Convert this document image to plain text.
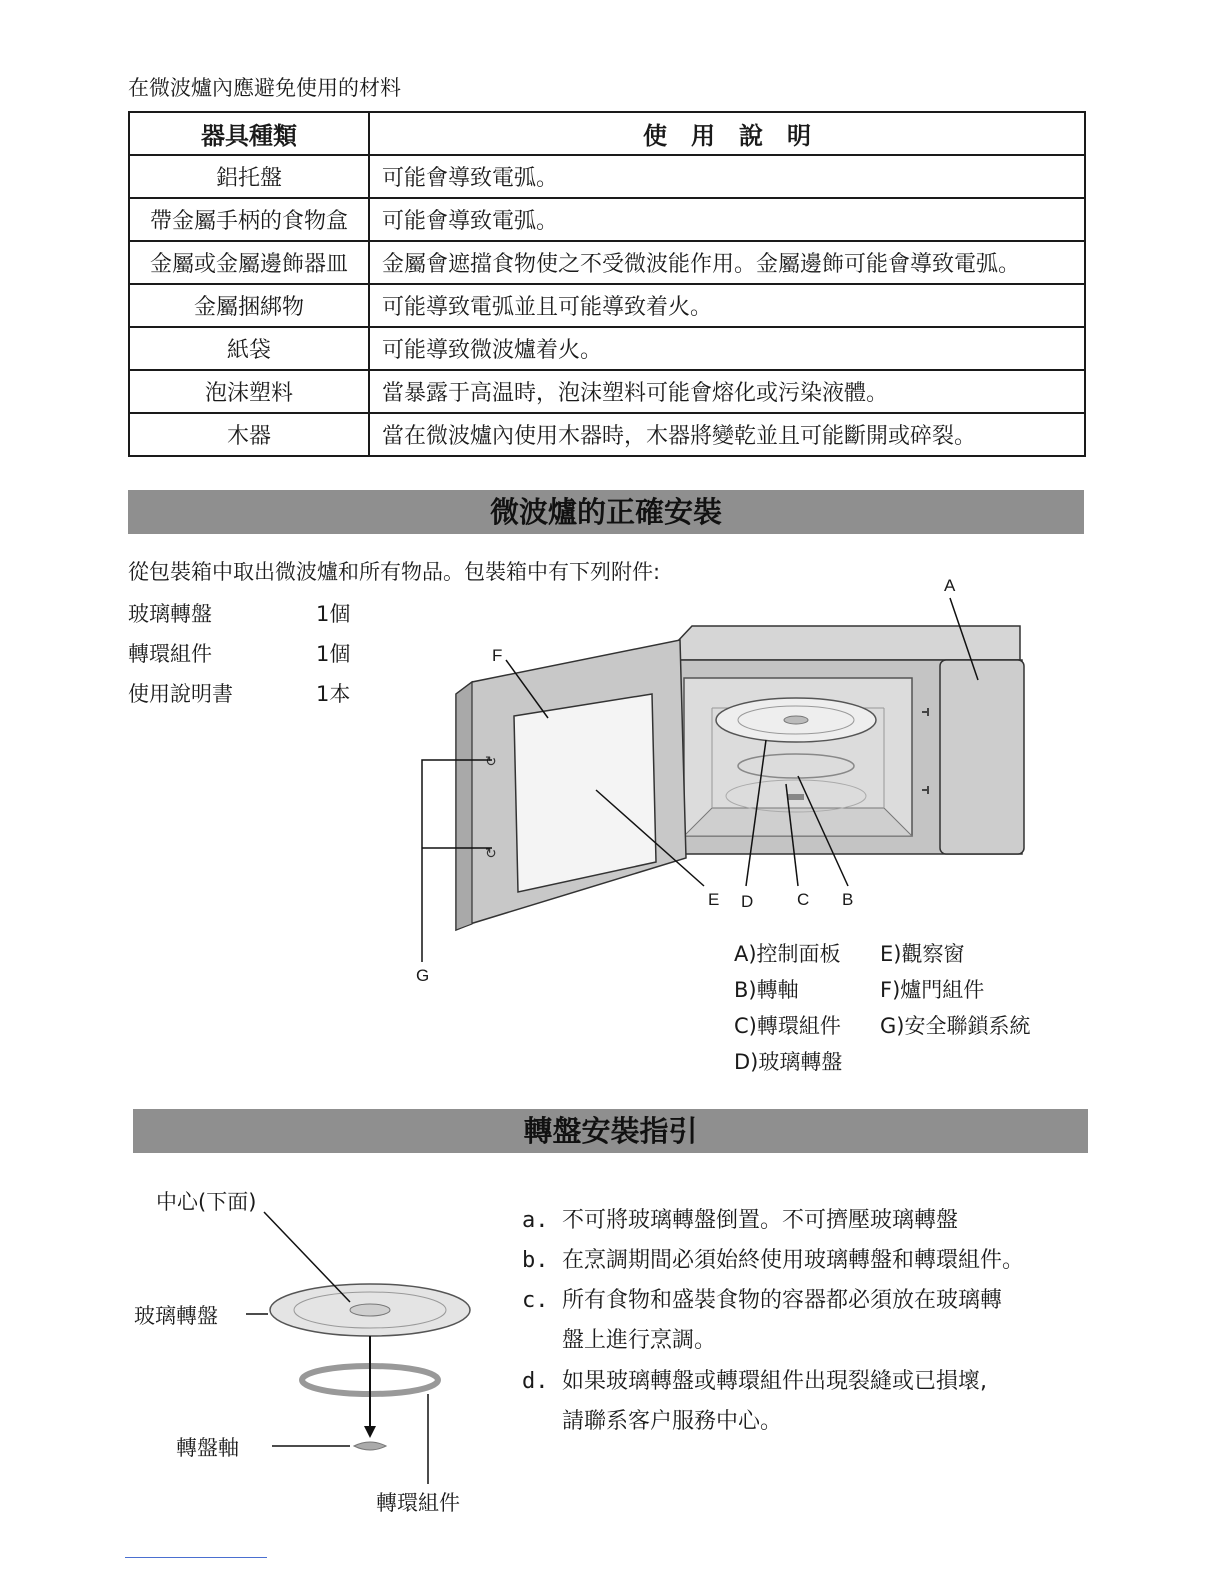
在微波爐內應避免使用的材料
器具種類	使　用　說　明
鋁托盤	可能會導致電弧。
帶金屬手柄的食物盒	可能會導致電弧。
金屬或金屬邊飾器皿	金屬會遮擋食物使之不受微波能作用。金屬邊飾可能會導致電弧。
金屬捆綁物	可能導致電弧並且可能導致着火。
紙袋	可能導致微波爐着火。
泡沫塑料	當暴露于高温時，泡沫塑料可能會熔化或污染液體。
木器	當在微波爐內使用木器時，木器將變乾並且可能斷開或碎裂。
微波爐的正確安裝
從包裝箱中取出微波爐和所有物品。包裝箱中有下列附件:
玻璃轉盤	1個
轉環組件	1個
使用說明書	1本
↻
↻
A
F
E D	C B
G
A)控制面板
B)轉軸
C)轉環組件
D)玻璃轉盤
E)觀察窗
F)爐門組件
G)安全聯鎖系統
轉盤安裝指引
中心(下面)
玻璃轉盤
轉盤軸
轉環組件
a. 不可將玻璃轉盤倒置。不可擠壓玻璃轉盤
b. 在烹調期間必須始終使用玻璃轉盤和轉環組件。
c. 所有食物和盛裝食物的容器都必須放在玻璃轉
盤上進行烹調。
d. 如果玻璃轉盤或轉環組件出現裂縫或已損壞,
請聯系客户服務中心。
